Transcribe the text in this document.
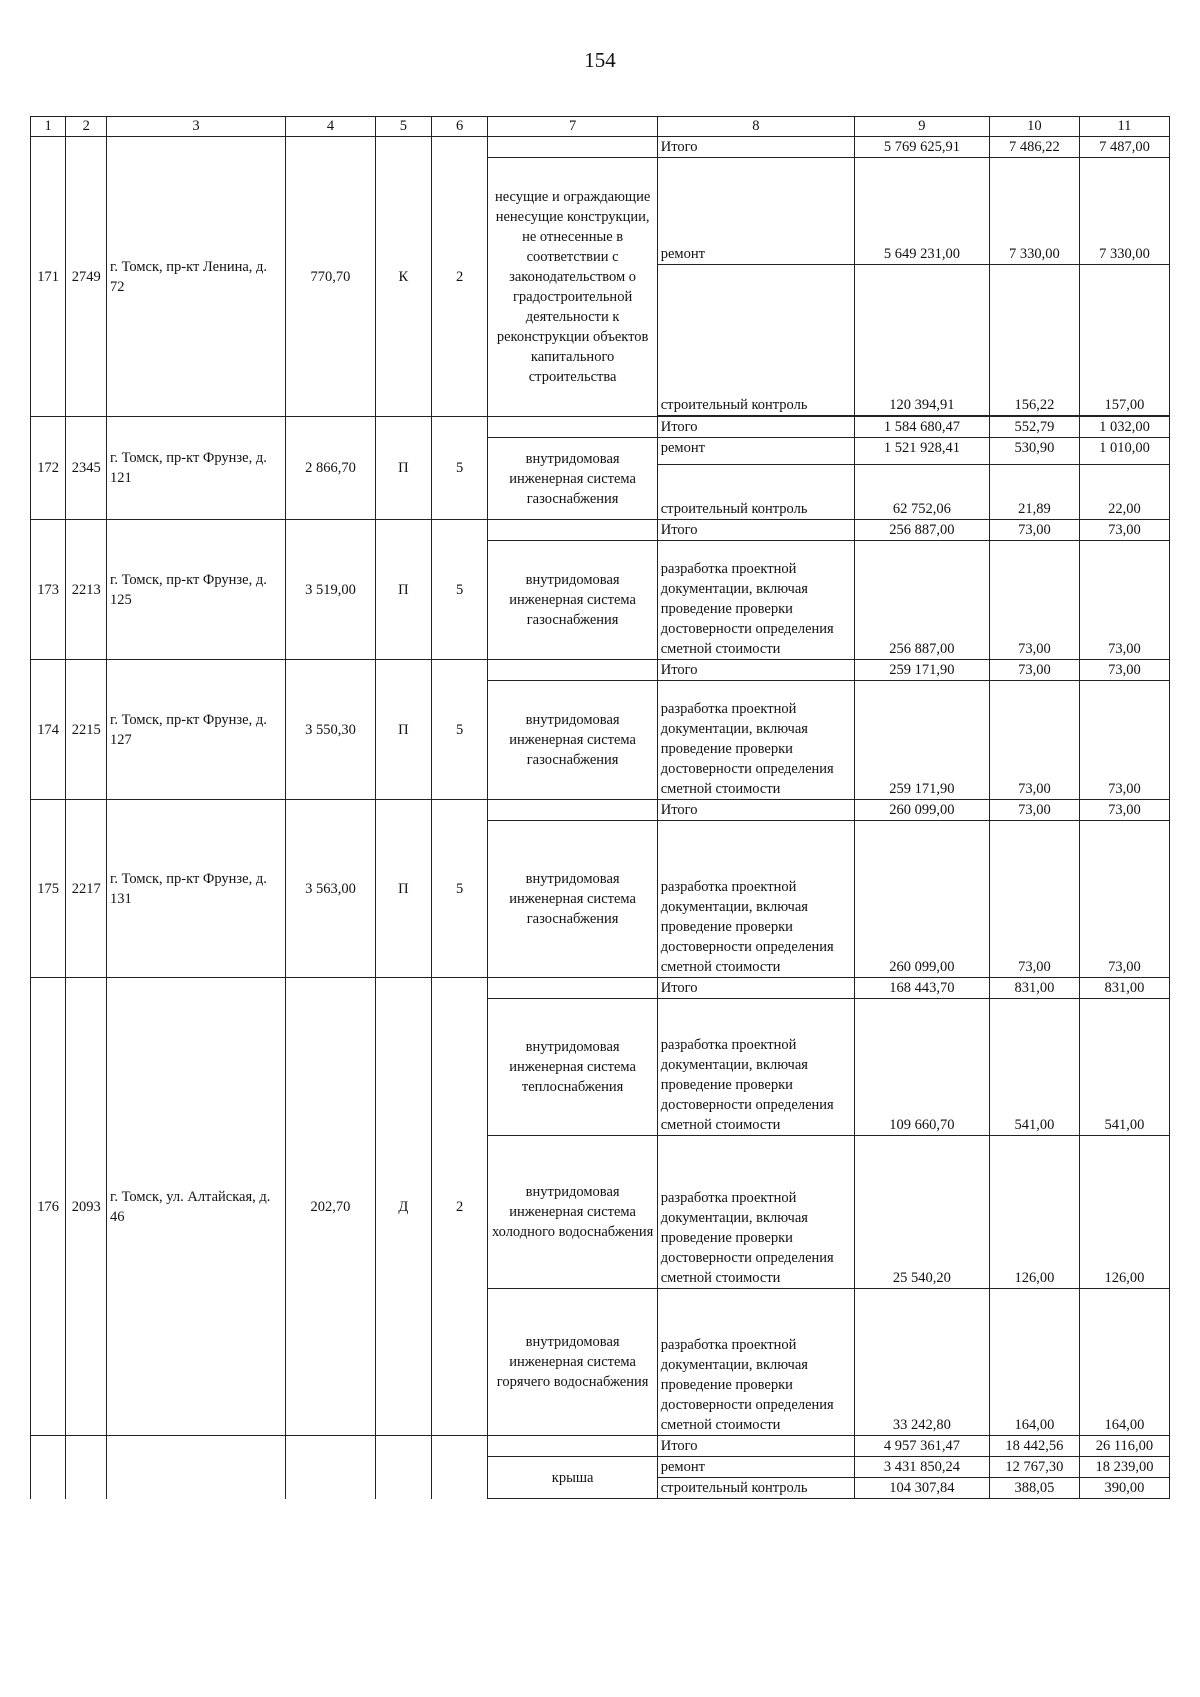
154
1	2	3	4	5	6	7	8	9	10	11
171	2749	г. Томск, пр-кт Ленина, д. 72	770,70	К	2		Итого	5 769 625,91	7 486,22	7 487,00
						несущие и ограждающие ненесущие конструкции, не отнесенные в соответствии с законодательством о градостроительной деятельности к реконструкции объектов капитального строительства	ремонт	5 649 231,00	7 330,00	7 330,00
							строительный контроль	120 394,91	156,22	157,00

172	2345	г. Томск, пр-кт Фрунзе, д. 121	2 866,70	П	5		Итого	1 584 680,47	552,79	1 032,00
						внутридомовая инженерная система газоснабжения	ремонт	1 521 928,41	530,90	1 010,00
							строительный контроль	62 752,06	21,89	22,00
173	2213	г. Томск, пр-кт Фрунзе, д. 125	3 519,00	П	5		Итого	256 887,00	73,00	73,00
						внутридомовая инженерная система газоснабжения	разработка проектной документации, включая проведение проверки достоверности определения сметной стоимости	256 887,00	73,00	73,00
174	2215	г. Томск, пр-кт Фрунзе, д. 127	3 550,30	П	5		Итого	259 171,90	73,00	73,00
						внутридомовая инженерная система газоснабжения	разработка проектной документации, включая проведение проверки достоверности определения сметной стоимости	259 171,90	73,00	73,00
175	2217	г. Томск, пр-кт Фрунзе, д. 131	3 563,00	П	5		Итого	260 099,00	73,00	73,00
						внутридомовая инженерная система газоснабжения	разработка проектной документации, включая проведение проверки достоверности определения сметной стоимости	260 099,00	73,00	73,00
176	2093	г. Томск, ул. Алтайская, д. 46	202,70	Д	2		Итого	168 443,70	831,00	831,00
						внутридомовая инженерная система теплоснабжения	разработка проектной документации, включая проведение проверки достоверности определения сметной стоимости	109 660,70	541,00	541,00
						внутридомовая инженерная система холодного водоснабжения	разработка проектной документации, включая проведение проверки достоверности определения сметной стоимости	25 540,20	126,00	126,00
						внутридомовая инженерная система горячего водоснабжения	разработка проектной документации, включая проведение проверки достоверности определения сметной стоимости	33 242,80	164,00	164,00
							Итого	4 957 361,47	18 442,56	26 116,00
						крыша	ремонт	3 431 850,24	12 767,30	18 239,00
							строительный контроль	104 307,84	388,05	390,00
